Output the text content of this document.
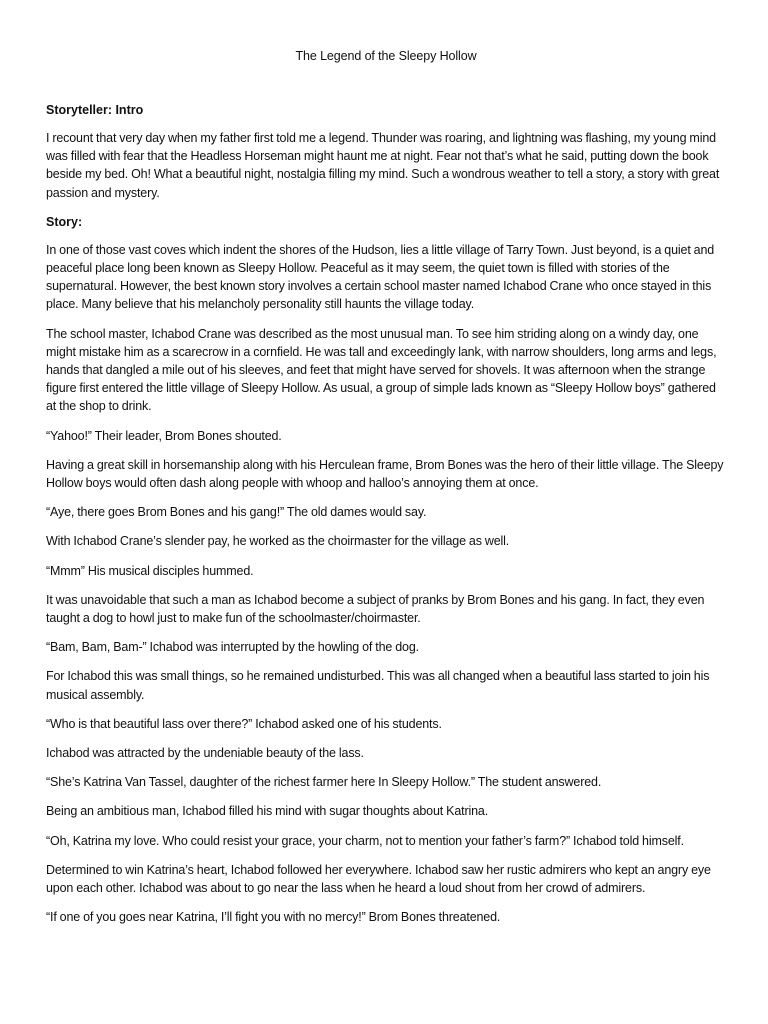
The Legend of the Sleepy Hollow
Storyteller: Intro

I recount that very day when my father first told me a legend. Thunder was roaring, and lightning was flashing, my young mind was filled with fear that the Headless Horseman might haunt me at night. Fear not that’s what he said, putting down the book beside my bed. Oh! What a beautiful night, nostalgia filling my mind. Such a wondrous weather to tell a story, a story with great passion and mystery.

Story:

In one of those vast coves which indent the shores of the Hudson, lies a little village of Tarry Town. Just beyond, is a quiet and peaceful place long been known as Sleepy Hollow. Peaceful as it may seem, the quiet town is filled with stories of the supernatural. However, the best known story involves a certain school master named Ichabod Crane who once stayed in this place. Many believe that his melancholy personality still haunts the village today.

The school master, Ichabod Crane was described as the most unusual man. To see him striding along on a windy day, one might mistake him as a scarecrow in a cornfield. He was tall and exceedingly lank, with narrow shoulders, long arms and legs, hands that dangled a mile out of his sleeves, and feet that might have served for shovels. It was afternoon when the strange figure first entered the little village of Sleepy Hollow. As usual, a group of simple lads known as “Sleepy Hollow boys” gathered at the shop to drink.

“Yahoo!” Their leader, Brom Bones shouted.

Having a great skill in horsemanship along with his Herculean frame, Brom Bones was the hero of their little village. The Sleepy Hollow boys would often dash along people with whoop and halloo’s annoying them at once.

“Aye, there goes Brom Bones and his gang!” The old dames would say.

With Ichabod Crane’s slender pay, he worked as the choirmaster for the village as well.

“Mmm” His musical disciples hummed.

It was unavoidable that such a man as Ichabod become a subject of pranks by Brom Bones and his gang. In fact, they even taught a dog to howl just to make fun of the schoolmaster/choirmaster.

“Bam, Bam, Bam-” Ichabod was interrupted by the howling of the dog.

For Ichabod this was small things, so he remained undisturbed. This was all changed when a beautiful lass started to join his musical assembly.

“Who is that beautiful lass over there?” Ichabod asked one of his students.

Ichabod was attracted by the undeniable beauty of the lass.

“She’s Katrina Van Tassel, daughter of the richest farmer here In Sleepy Hollow.” The student answered.

Being an ambitious man, Ichabod filled his mind with sugar thoughts about Katrina.

“Oh, Katrina my love. Who could resist your grace, your charm, not to mention your father’s farm?” Ichabod told himself.

Determined to win Katrina’s heart, Ichabod followed her everywhere. Ichabod saw her rustic admirers who kept an angry eye upon each other. Ichabod was about to go near the lass when he heard a loud shout from her crowd of admirers.

“If one of you goes near Katrina, I’ll fight you with no mercy!” Brom Bones threatened.
